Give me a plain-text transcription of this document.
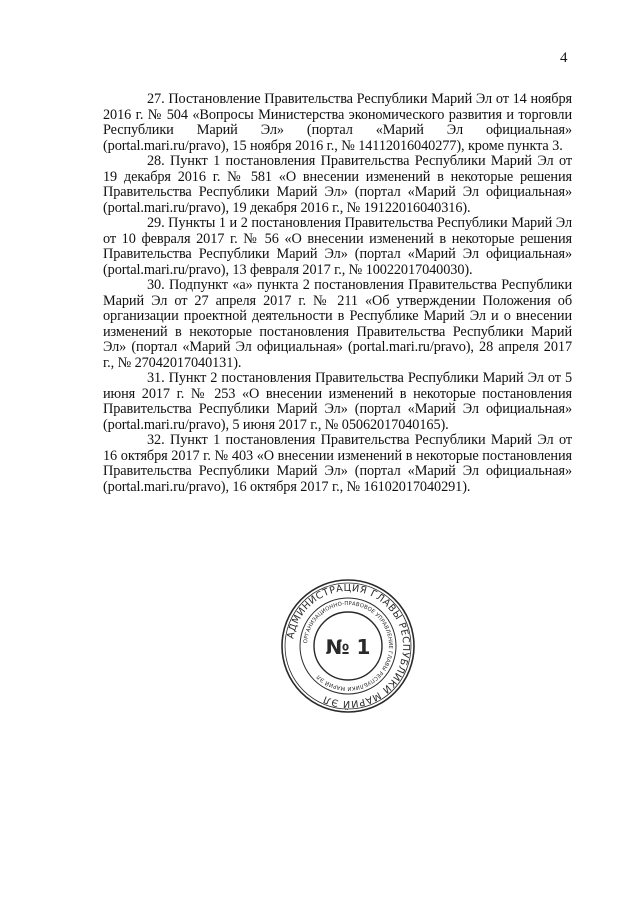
4

27. Постановление Правительства Республики Марий Эл от 14 ноября 2016 г. № 504 «Вопросы Министерства экономического развития и торговли Республики Марий Эл» (портал «Марий Эл официальная» (portal.mari.ru/pravo), 15 ноября 2016 г., № 14112016040277), кроме пункта 3.

28. Пункт 1 постановления Правительства Республики Марий Эл от 19 декабря 2016 г. № 581 «О внесении изменений в некоторые решения Правительства Республики Марий Эл» (портал «Марий Эл официальная» (portal.mari.ru/pravo), 19 декабря 2016 г., № 19122016040316).

29. Пункты 1 и 2 постановления Правительства Республики Марий Эл от 10 февраля 2017 г. № 56 «О внесении изменений в некоторые решения Правительства Республики Марий Эл» (портал «Марий Эл официальная» (portal.mari.ru/pravo), 13 февраля 2017 г., № 10022017040030).

30. Подпункт «а» пункта 2 постановления Правительства Республики Марий Эл от 27 апреля 2017 г. № 211 «Об утверждении Положения об организации проектной деятельности в Республике Марий Эл и о внесении изменений в некоторые постановления Правительства Республики Марий Эл» (портал «Марий Эл официальная» (portal.mari.ru/pravo), 28 апреля 2017 г., № 27042017040131).

31. Пункт 2 постановления Правительства Республики Марий Эл от 5 июня 2017 г. № 253 «О внесении изменений в некоторые постановления Правительства Республики Марий Эл» (портал «Марий Эл официальная» (portal.mari.ru/pravo), 5 июня 2017 г., № 05062017040165).

32. Пункт 1 постановления Правительства Республики Марий Эл от 16 октября 2017 г. № 403 «О внесении изменений в некоторые постановления Правительства Республики Марий Эл» (портал «Марий Эл официальная» (portal.mari.ru/pravo), 16 октября 2017 г., № 16102017040291).

АДМИНИСТРАЦИЯ ГЛАВЫ РЕСПУБЛИКИ МАРИЙ ЭЛ
ОРГАНИЗАЦИОННО-ПРАВОВОЕ УПРАВЛЕНИЕ ГЛАВЫ РЕСПУБЛИКИ МАРИЙ ЭЛ
№ 1
